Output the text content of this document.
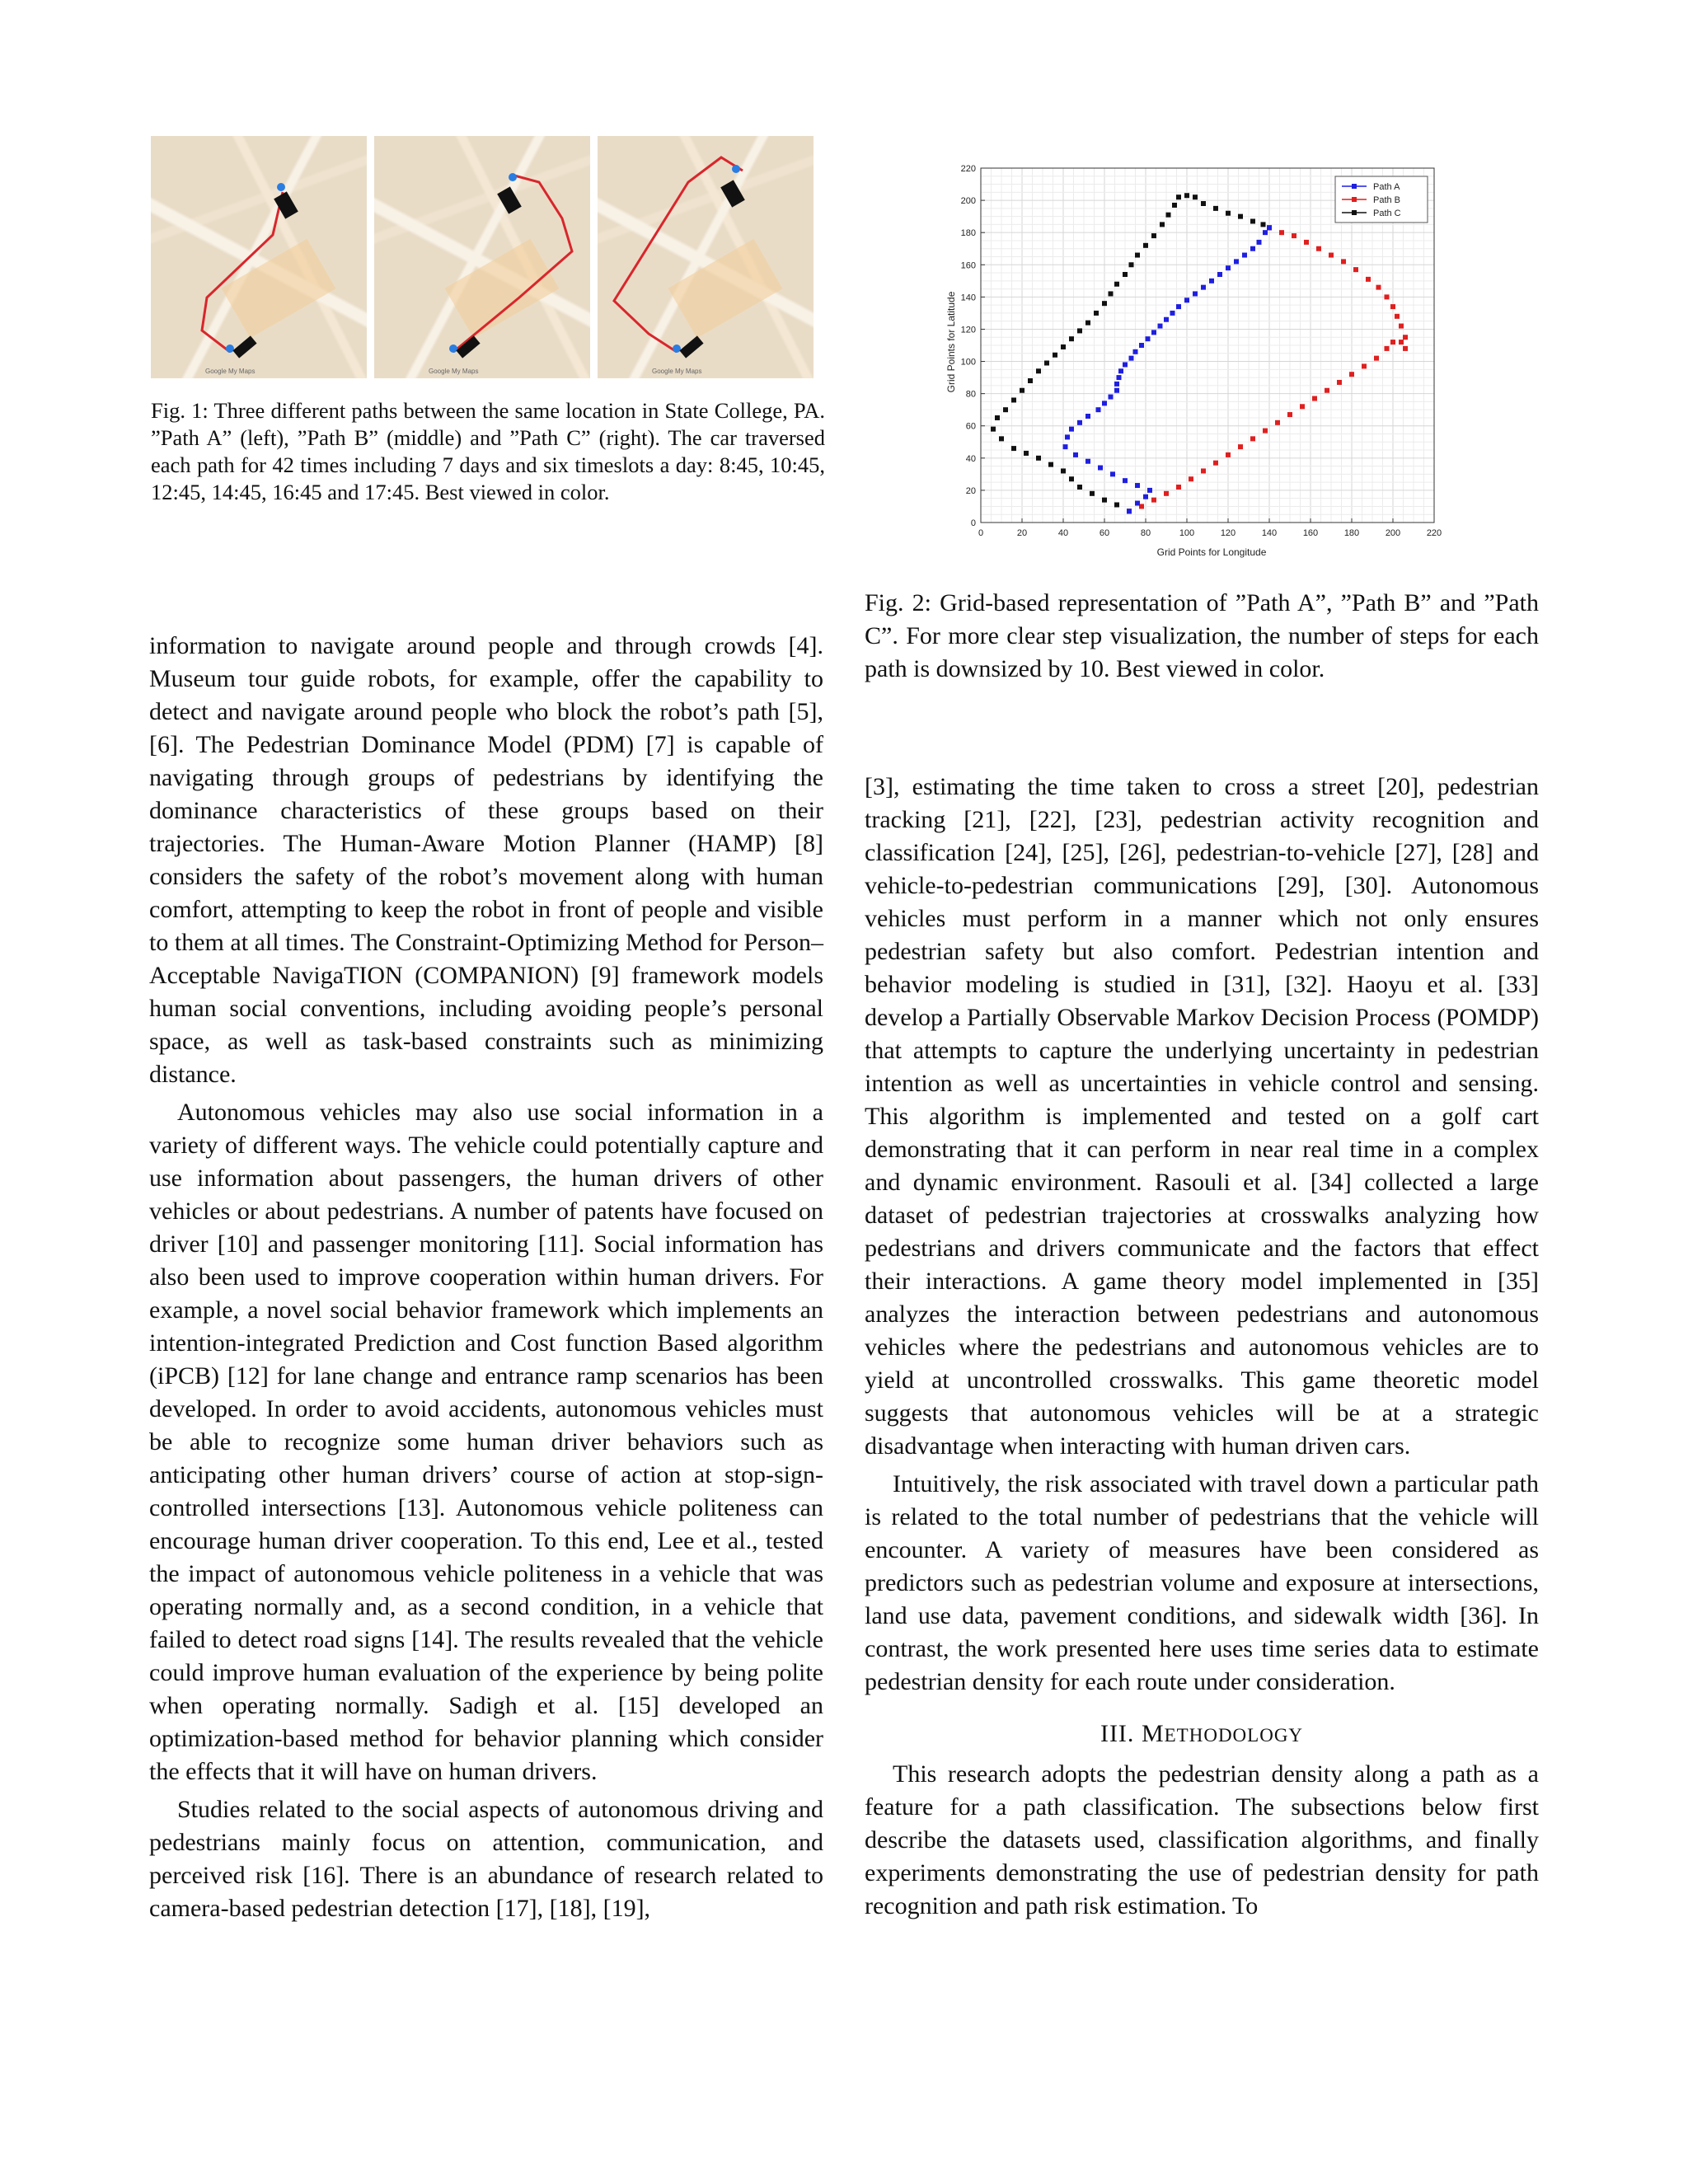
Google My Maps	Google My Maps	Google My Maps

Fig. 1: Three different paths between the same location in State College, PA. ”Path A” (left), ”Path B” (middle) and ”Path C” (right). The car traversed each path for 42 times including 7 days and six timeslots a day: 8:45, 10:45, 12:45, 14:45, 16:45 and 17:45. Best viewed in color.

0	20	40	60	80	100	120	140	160	180	200	220
0
20
40
60
80
100
120
140
160
180
200
220
Path A
Path B
Path C
Grid Points for Longitude
Grid Points for Latitude

Fig. 2: Grid-based representation of ”Path A”, ”Path B” and ”Path C”. For more clear step visualization, the number of steps for each path is downsized by 10. Best viewed in color.

information to navigate around people and through crowds [4]. Museum tour guide robots, for example, offer the capability to detect and navigate around people who block the robot’s path [5], [6]. The Pedestrian Dominance Model (PDM) [7] is capable of navigating through groups of pedestrians by identifying the dominance characteristics of these groups based on their trajectories. The Human-Aware Motion Planner (HAMP) [8] considers the safety of the robot’s movement along with human comfort, attempting to keep the robot in front of people and visible to them at all times. The Constraint-Optimizing Method for Person–Acceptable NavigaTION (COMPANION) [9] framework models human social conventions, including avoiding people’s personal space, as well as task-based constraints such as minimizing distance.

Autonomous vehicles may also use social information in a variety of different ways. The vehicle could potentially capture and use information about passengers, the human drivers of other vehicles or about pedestrians. A number of patents have focused on driver [10] and passenger monitoring [11]. Social information has also been used to improve cooperation within human drivers. For example, a novel social behavior framework which implements an intention-integrated Prediction and Cost function Based algorithm (iPCB) [12] for lane change and entrance ramp scenarios has been developed. In order to avoid accidents, autonomous vehicles must be able to recognize some human driver behaviors such as anticipating other human drivers’ course of action at stop-sign-controlled intersections [13]. Autonomous vehicle politeness can encourage human driver cooperation. To this end, Lee et al., tested the impact of autonomous vehicle politeness in a vehicle that was operating normally and, as a second condition, in a vehicle that failed to detect road signs [14]. The results revealed that the vehicle could improve human evaluation of the experience by being polite when operating normally. Sadigh et al. [15] developed an optimization-based method for behavior planning which consider the effects that it will have on human drivers.

Studies related to the social aspects of autonomous driving and pedestrians mainly focus on attention, communication, and perceived risk [16]. There is an abundance of research related to camera-based pedestrian detection [17], [18], [19],

[3], estimating the time taken to cross a street [20], pedestrian tracking [21], [22], [23], pedestrian activity recognition and classification [24], [25], [26], pedestrian-to-vehicle [27], [28] and vehicle-to-pedestrian communications [29], [30]. Autonomous vehicles must perform in a manner which not only ensures pedestrian safety but also comfort. Pedestrian intention and behavior modeling is studied in [31], [32]. Haoyu et al. [33] develop a Partially Observable Markov Decision Process (POMDP) that attempts to capture the underlying uncertainty in pedestrian intention as well as uncertainties in vehicle control and sensing. This algorithm is implemented and tested on a golf cart demonstrating that it can perform in near real time in a complex and dynamic environment. Rasouli et al. [34] collected a large dataset of pedestrian trajectories at crosswalks analyzing how pedestrians and drivers communicate and the factors that effect their interactions. A game theory model implemented in [35] analyzes the interaction between pedestrians and autonomous vehicles where the pedestrians and autonomous vehicles are to yield at uncontrolled crosswalks. This game theoretic model suggests that autonomous vehicles will be at a strategic disadvantage when interacting with human driven cars.

Intuitively, the risk associated with travel down a particular path is related to the total number of pedestrians that the vehicle will encounter. A variety of measures have been considered as predictors such as pedestrian volume and exposure at intersections, land use data, pavement conditions, and sidewalk width [36]. In contrast, the work presented here uses time series data to estimate pedestrian density for each route under consideration.

III. METHODOLOGY

This research adopts the pedestrian density along a path as a feature for a path classification. The subsections below first describe the datasets used, classification algorithms, and finally experiments demonstrating the use of pedestrian density for path recognition and path risk estimation. To
